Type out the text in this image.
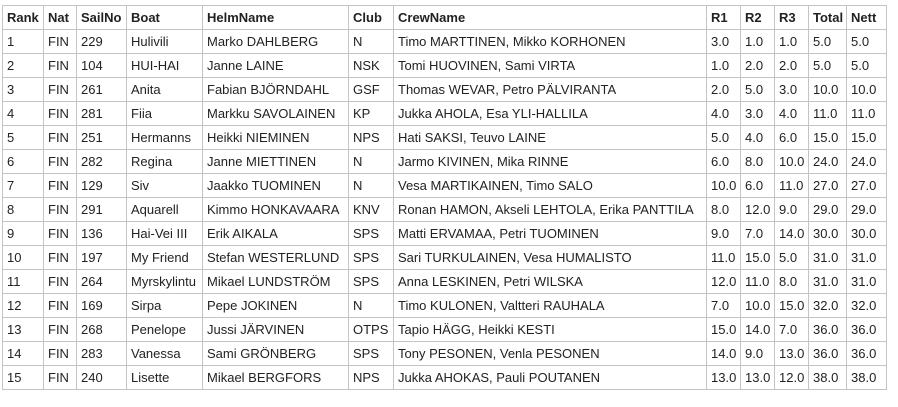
Rank	Nat	SailNo	Boat	HelmName	Club	CrewName	R1	R2	R3	Total	Nett
1	FIN	229	Hulivili	Marko DAHLBERG	N	Timo MARTTINEN, Mikko KORHONEN	3.0	1.0	1.0	5.0	5.0
2	FIN	104	HUI-HAI	Janne LAINE	NSK	Tomi HUOVINEN, Sami VIRTA	1.0	2.0	2.0	5.0	5.0
3	FIN	261	Anita	Fabian BJÖRNDAHL	GSF	Thomas WEVAR, Petro PÄLVIRANTA	2.0	5.0	3.0	10.0	10.0
4	FIN	281	Fiia	Markku SAVOLAINEN	KP	Jukka AHOLA, Esa YLI-HALLILA	4.0	3.0	4.0	11.0	11.0
5	FIN	251	Hermanns	Heikki NIEMINEN	NPS	Hati SAKSI, Teuvo LAINE	5.0	4.0	6.0	15.0	15.0
6	FIN	282	Regina	Janne MIETTINEN	N	Jarmo KIVINEN, Mika RINNE	6.0	8.0	10.0	24.0	24.0
7	FIN	129	Siv	Jaakko TUOMINEN	N	Vesa MARTIKAINEN, Timo SALO	10.0	6.0	11.0	27.0	27.0
8	FIN	291	Aquarell	Kimmo HONKAVAARA	KNV	Ronan HAMON, Akseli LEHTOLA, Erika PANTTILA	8.0	12.0	9.0	29.0	29.0
9	FIN	136	Hai-Vei III	Erik AIKALA	SPS	Matti ERVAMAA, Petri TUOMINEN	9.0	7.0	14.0	30.0	30.0
10	FIN	197	My Friend	Stefan WESTERLUND	SPS	Sari TURKULAINEN, Vesa HUMALISTO	11.0	15.0	5.0	31.0	31.0
11	FIN	264	Myrskylintu	Mikael LUNDSTRÖM	SPS	Anna LESKINEN, Petri WILSKA	12.0	11.0	8.0	31.0	31.0
12	FIN	169	Sirpa	Pepe JOKINEN	N	Timo KULONEN, Valtteri RAUHALA	7.0	10.0	15.0	32.0	32.0
13	FIN	268	Penelope	Jussi JÄRVINEN	OTPS	Tapio HÄGG, Heikki KESTI	15.0	14.0	7.0	36.0	36.0
14	FIN	283	Vanessa	Sami GRÖNBERG	SPS	Tony PESONEN, Venla PESONEN	14.0	9.0	13.0	36.0	36.0
15	FIN	240	Lisette	Mikael BERGFORS	NPS	Jukka AHOKAS, Pauli POUTANEN	13.0	13.0	12.0	38.0	38.0
